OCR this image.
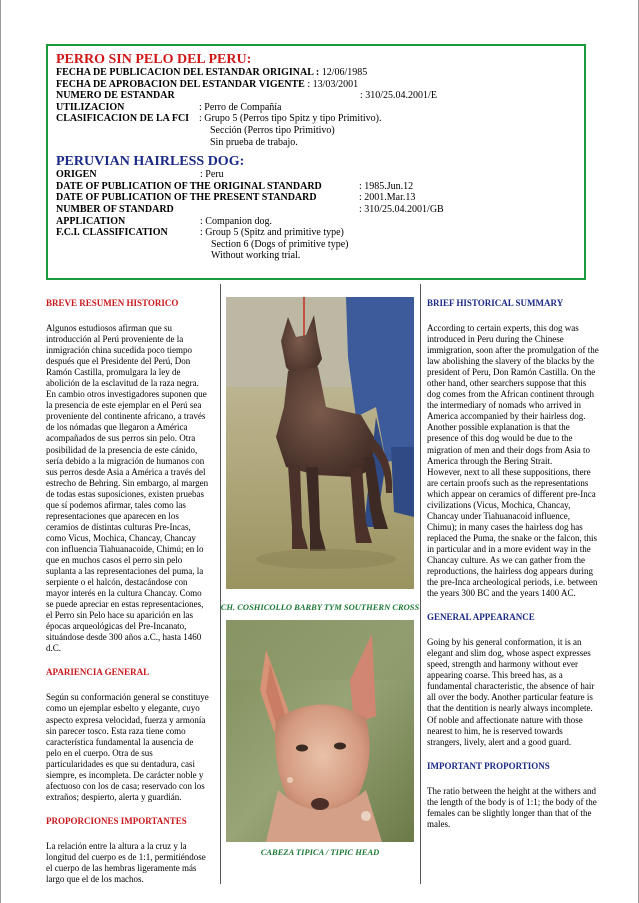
PERRO SIN PELO DEL PERU:

FECHA DE PUBLICACION DEL ESTANDAR ORIGINAL : 12/06/1985
FECHA DE APROBACION DEL ESTANDAR VIGENTE : 13/03/2001
NUMERO DE ESTANDAR	: 310/25.04.2001/E
UTILIZACION	: Perro de Compañía
CLASIFICACION DE LA FCI : Grupo 5 (Perros tipo Spitz y tipo Primitivo).
Sección (Perros tipo Primitivo)

Sin prueba de trabajo.

PERUVIAN HAIRLESS DOG:

ORIGEN	: Peru
DATE OF PUBLICATION OF THE ORIGINAL STANDARD	: 1985.Jun.12
DATE OF PUBLICATION OF THE PRESENT STANDARD	: 2001.Mar.13
NUMBER OF STANDARD	: 310/25.04.2001/GB
APPLICATION	: Companion dog.
F.C.I. CLASSIFICATION	: Group 5 (Spitz and primitive type)
Section 6 (Dogs of primitive type)

Without working trial.

BREVE RESUMEN HISTORICO

Algunos estudiosos afirman que su introducción al Perú proveniente de la inmigración china sucedida poco tiempo después que el Presidente del Perú, Don Ramón Castilla, promulgara la ley de abolición de la esclavitud de la raza negra. En cambio otros investigadores suponen que la presencia de este ejemplar en el Perú sea proveniente del continente africano, a través de los nómadas que llegaron a América acompañados de sus perros sin pelo. Otra posibilidad de la presencia de este cánido, sería debido a la migración de humanos con sus perros desde Asia a América a través del estrecho de Behring. Sin embargo, al margen de todas estas suposiciones, existen pruebas que sí podemos afirmar, tales como las representaciones que aparecen en los ceramios de distintas culturas Pre-Incas, como Vicus, Mochica, Chancay, Chancay con influencia Tiahuanacoide, Chimú; en lo que en muchos casos el perro sin pelo suplanta a las representaciones del puma, la serpiente o el halcón, destacándose con mayor interés en la cultura Chancay. Como se puede apreciar en estas representaciones, el Perro sin Pelo hace su aparición en las épocas arqueológicas del Pre-Incanato, situándose desde 300 años a.C., hasta 1460 d.C.

APARIENCIA GENERAL

Según su conformación general se constituye como un ejemplar esbelto y elegante, cuyo aspecto expresa velocidad, fuerza y armonía sin parecer tosco. Esta raza tiene como característica fundamental la ausencia de pelo en el cuerpo. Otra de sus particularidades es que su dentadura, casi siempre, es incompleta. De carácter noble y afectuoso con los de casa; reservado con los extraños; despierto, alerta y guardián.

PROPORCIONES IMPORTANTES

La relación entre la altura a la cruz y la longitud del cuerpo es de 1:1, permitiéndose el cuerpo de las hembras ligeramente más largo que el de los machos.

BRIEF HISTORICAL SUMMARY

According to certain experts, this dog was introduced in Peru during the Chinese immigration, soon after the promulgation of the law abolishing the slavery of the blacks by the president of Peru, Don Ramón Castilla. On the other hand, other searchers suppose that this dog comes from the African continent through the intermediary of nomads who arrived in America accompanied by their hairless dog. Another possible explanation is that the presence of this dog would be due to the migration of men and their dogs from Asia to America through the Bering Strait.

However, next to all these suppositions, there are certain proofs such as the representations which appear on ceramics of different pre-Inca civilizations (Vicus, Mochica, Chancay, Chancay under Tiahuanacoid influence, Chimu); in many cases the hairless dog has replaced the Puma, the snake or the falcon, this in particular and in a more evident way in the Chancay culture. As we can gather from the reproductions, the hairless dog appears during the pre-Inca archeological periods, i.e. between the years 300 BC and the years 1400 AC.

GENERAL APPEARANCE

Going by his general conformation, it is an elegant and slim dog, whose aspect expresses speed, strength and harmony without ever appearing coarse. This breed has, as a fundamental characteristic, the absence of hair all over the body. Another particular feature is that the dentition is nearly always incomplete. Of noble and affectionate nature with those nearest to him, he is reserved towards strangers, lively, alert and a good guard.

IMPORTANT PROPORTIONS

The ratio between the height at the withers and the length of the body is of 1:1; the body of the females can be slightly longer than that of the males.

CH. COSHICOLLO BARBY TYM SOUTHERN CROSS
CABEZA TIPICA / TIPIC HEAD
